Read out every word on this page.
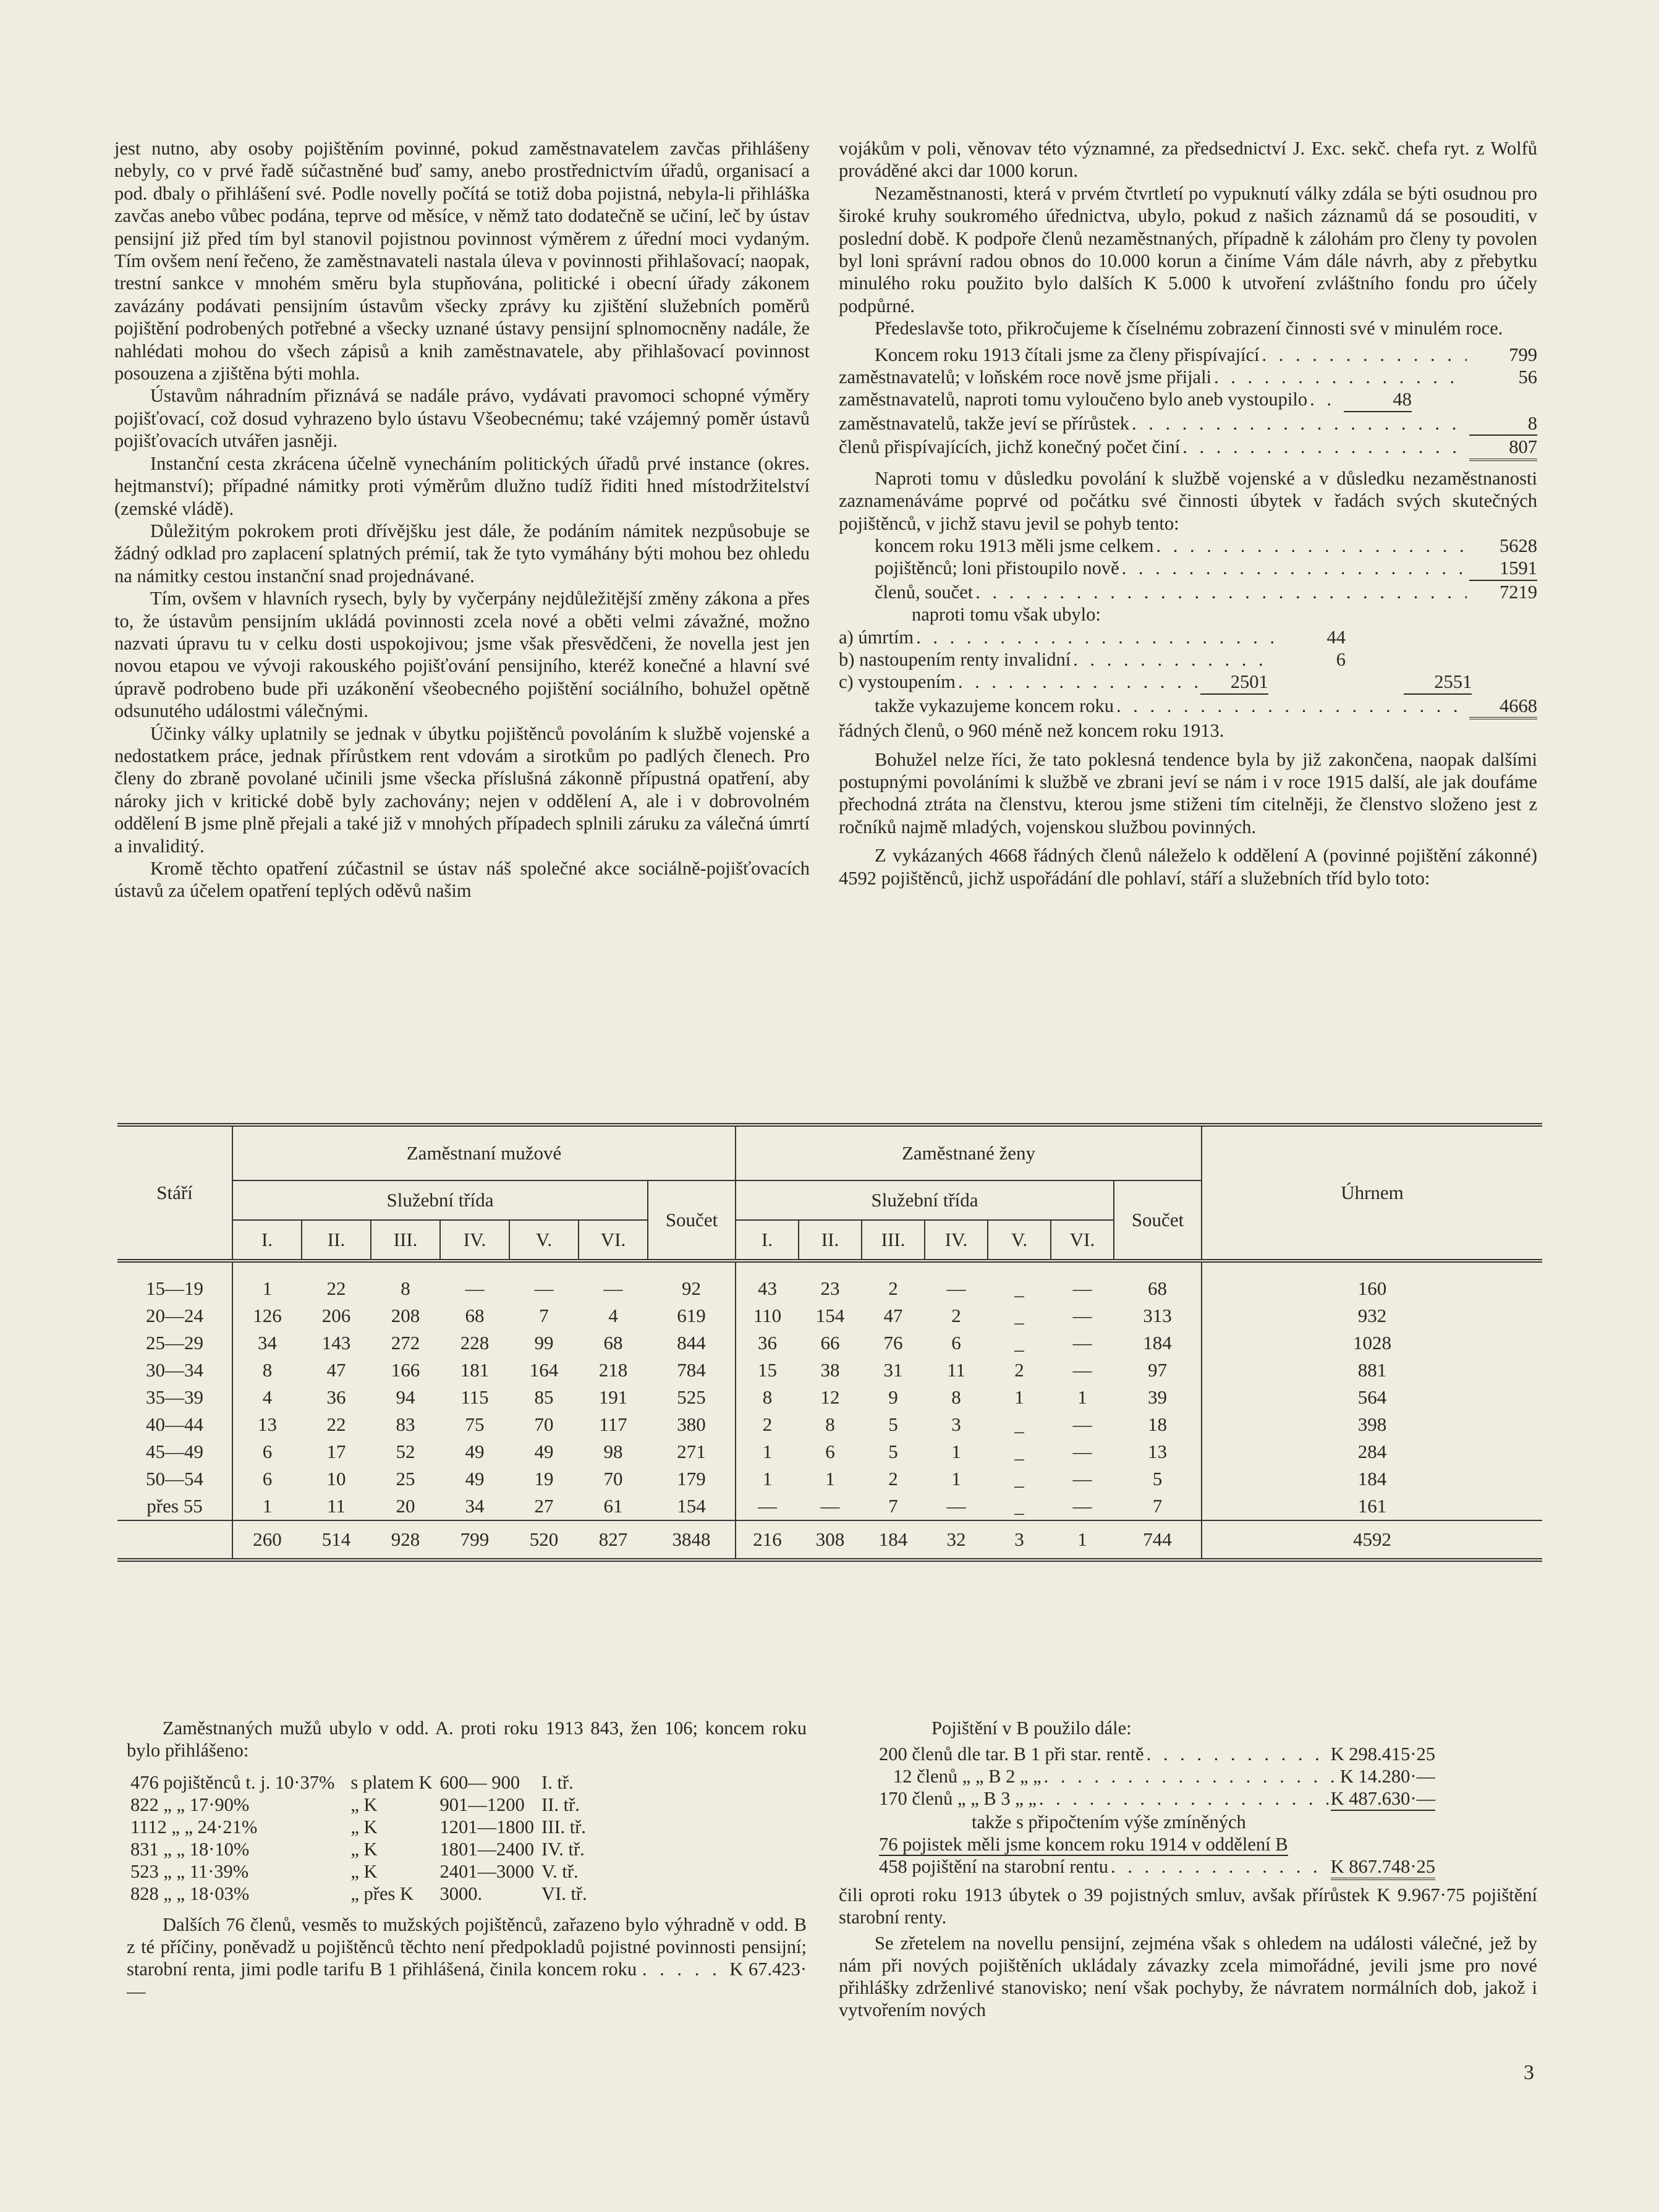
jest nutno, aby osoby pojištěním povinné, pokud zaměstnavatelem zavčas přihlášeny nebyly, co v prvé řadě súčastněné buď samy, anebo prostřednictvím úřadů, organisací a pod. dbaly o přihlášení své. Podle novelly počítá se totiž doba pojistná, nebyla-li přihláška zavčas anebo vůbec podána, teprve od měsíce, v němž tato dodatečně se učiní, leč by ústav pensijní již před tím byl stanovil pojistnou povinnost výměrem z úřední moci vydaným. Tím ovšem není řečeno, že zaměstnavateli nastala úleva v povinnosti přihlašovací; naopak, trestní sankce v mnohém směru byla stupňována, politické i obecní úřady zákonem zavázány podávati pensijním ústavům všecky zprávy ku zjištění služebních poměrů pojištění podrobených potřebné a všecky uznané ústavy pensijní splnomocněny nadále, že nahlédati mohou do všech zápisů a knih zaměstnavatele, aby přihlašovací povinnost posouzena a zjištěna býti mohla.

Ústavům náhradním přiznává se nadále právo, vydávati pravomoci schopné výměry pojišťovací, což dosud vyhrazeno bylo ústavu Všeobecnému; také vzájemný poměr ústavů pojišťovacích utvářen jasněji.

Instanční cesta zkrácena účelně vynecháním politických úřadů prvé instance (okres. hejtmanství); případné námitky proti výměrům dlužno tudíž řiditi hned místodržitelství (zemské vládě).

Důležitým pokrokem proti dřívějšku jest dále, že podáním námitek nezpůsobuje se žádný odklad pro zaplacení splatných prémií, tak že tyto vymáhány býti mohou bez ohledu na námitky cestou instanční snad projednávané.

Tím, ovšem v hlavních rysech, byly by vyčerpány nejdůležitější změny zákona a přes to, že ústavům pensijním ukládá povinnosti zcela nové a oběti velmi závažné, možno nazvati úpravu tu v celku dosti uspokojivou; jsme však přesvědčeni, že novella jest jen novou etapou ve vývoji rakouského pojišťování pensijního, kteréž konečné a hlavní své úpravě podrobeno bude při uzákonění všeobecného pojištění sociálního, bohužel opětně odsunutého událostmi válečnými.

Účinky války uplatnily se jednak v úbytku pojištěnců povoláním k službě vojenské a nedostatkem práce, jednak přírůstkem rent vdovám a sirotkům po padlých členech. Pro členy do zbraně povolané učinili jsme všecka příslušná zákonně přípustná opatření, aby nároky jich v kritické době byly zachovány; nejen v oddělení A, ale i v dobrovolném oddělení B jsme plně přejali a také již v mnohých případech splnili záruku za válečná úmrtí a invaliditý.

Kromě těchto opatření zúčastnil se ústav náš společné akce sociálně-pojišťovacích ústavů za účelem opatření teplých oděvů našim

vojákům v poli, věnovav této významné, za předsednictví J. Exc. sekč. chefa ryt. z Wolfů prováděné akci dar 1000 korun.

Nezaměstnanosti, která v prvém čtvrtletí po vypuknutí války zdála se býti osudnou pro široké kruhy soukromého úřednictva, ubylo, pokud z našich záznamů dá se posouditi, v poslední době. K podpoře členů nezaměstnaných, případně k zálohám pro členy ty povolen byl loni správní radou obnos do 10.000 korun a činíme Vám dále návrh, aby z přebytku minulého roku použito bylo dalších K 5.000 k utvoření zvláštního fondu pro účely podpůrné.

Předeslavše toto, přikročujeme k číselnému zobrazení činnosti své v minulém roce.

Koncem roku 1913 čítali jsme za členy přispívající . . .	799
zaměstnavatelů; v loňském roce nově jsme přijali . . .	56
zaměstnavatelů, naproti tomu vyloučeno bylo aneb vystoupilo . . .	48
zaměstnavatelů, takže jeví se přírůstek . . .	8
členů přispívajících, jichž konečný počet činí . . .	807

Naproti tomu v důsledku povolání k službě vojenské a v důsledku nezaměstnanosti zaznamenáváme poprvé od počátku své činnosti úbytek v řadách svých skutečných pojištěnců, v jichž stavu jevil se pohyb tento:

koncem roku 1913 měli jsme celkem . . .	5628
pojištěnců; loni přistoupilo nově . . .	1591
členů, součet . . .	7219
naproti tomu však ubylo:
a) úmrtím . . .	44
b) nastoupením renty invalidní . . .	6
c) vystoupením . . .	2501	2551
takže vykazujeme koncem roku . . .	4668
řádných členů, o 960 méně než koncem roku 1913.

Bohužel nelze říci, že tato poklesná tendence byla by již zakončena, naopak dalšími postupnými povoláními k službě ve zbrani jeví se nám i v roce 1915 další, ale jak doufáme přechodná ztráta na členstvu, kterou jsme stiženi tím citelněji, že členstvo složeno jest z ročníků najmě mladých, vojenskou službou povinných.

Z vykázaných 4668 řádných členů náleželo k oddělení A (povinné pojištění zákonné) 4592 pojištěnců, jichž uspořádání dle pohlaví, stáří a služebních tříd bylo toto:

Stáří	Zaměstnaní mužové							Zaměstnané ženy							Úhrnem
	Služební třída						Součet	Služební třída						Součet	
	I.	II.	III.	IV.	V.	VI.		I.	II.	III.	IV.	V.	VI.		
15—19	1	22	8	—	—	—	92	43	23	2	—	_	—	68	160
20—24	126	206	208	68	7	4	619	110	154	47	2	_	—	313	932
25—29	34	143	272	228	99	68	844	36	66	76	6	_	—	184	1028
30—34	8	47	166	181	164	218	784	15	38	31	11	2	—	97	881
35—39	4	36	94	115	85	191	525	8	12	9	8	1	1	39	564
40—44	13	22	83	75	70	117	380	2	8	5	3	_	—	18	398
45—49	6	17	52	49	49	98	271	1	6	5	1	_	—	13	284
50—54	6	10	25	49	19	70	179	1	1	2	1	_	—	5	184
přes 55	1	11	20	34	27	61	154	—	—	7	—	_	—	7	161
	260	514	928	799	520	827	3848	216	308	184	32	3	1	744	4592

Zaměstnaných mužů ubylo v odd. A. proti roku 1913 843, žen 106; koncem roku bylo přihlášeno:

476 pojištěnců t. j. 10·37%	s platem K	600— 900	I. tř.
822 „ „ 17·90%	„ K	901—1200	II. tř.
1112 „ „ 24·21%	„ K	1201—1800	III. tř.
831 „ „ 18·10%	„ K	1801—2400	IV. tř.
523 „ „ 11·39%	„ K	2401—3000	V. tř.
828 „ „ 18·03%	„ přes K	3000.	VI. tř.

Dalších 76 členů, vesměs to mužských pojištěnců, zařazeno bylo výhradně v odd. B z té příčiny, poněvadž u pojištěnců těchto není předpokladů pojistné povinnosti pensijní; starobní renta, jimi podle tarifu B 1 přihlášená, činila koncem roku . . . . . K 67.423·—

Pojištění v B použilo dále:
200 členů dle tar. B 1 při star. rentě . . .	K 298.415·25
12 členů „ „ B 2 „ „ . . .	K 14.280·—
170 členů „ „ B 3 „ „ . . .	K 487.630·—
takže s připočtením výše zmíněných
76 pojistek měli jsme koncem roku 1914 v oddělení B
458 pojištění na starobní rentu . . .	K 867.748·25

čili oproti roku 1913 úbytek o 39 pojistných smluv, avšak přírůstek K 9.967·75 pojištění starobní renty.

Se zřetelem na novellu pensijní, zejména však s ohledem na události válečné, jež by nám při nových pojištěních ukládaly závazky zcela mimořádné, jevili jsme pro nové přihlášky zdrženlivé stanovisko; není však pochyby, že návratem normálních dob, jakož i vytvořením nových

3
